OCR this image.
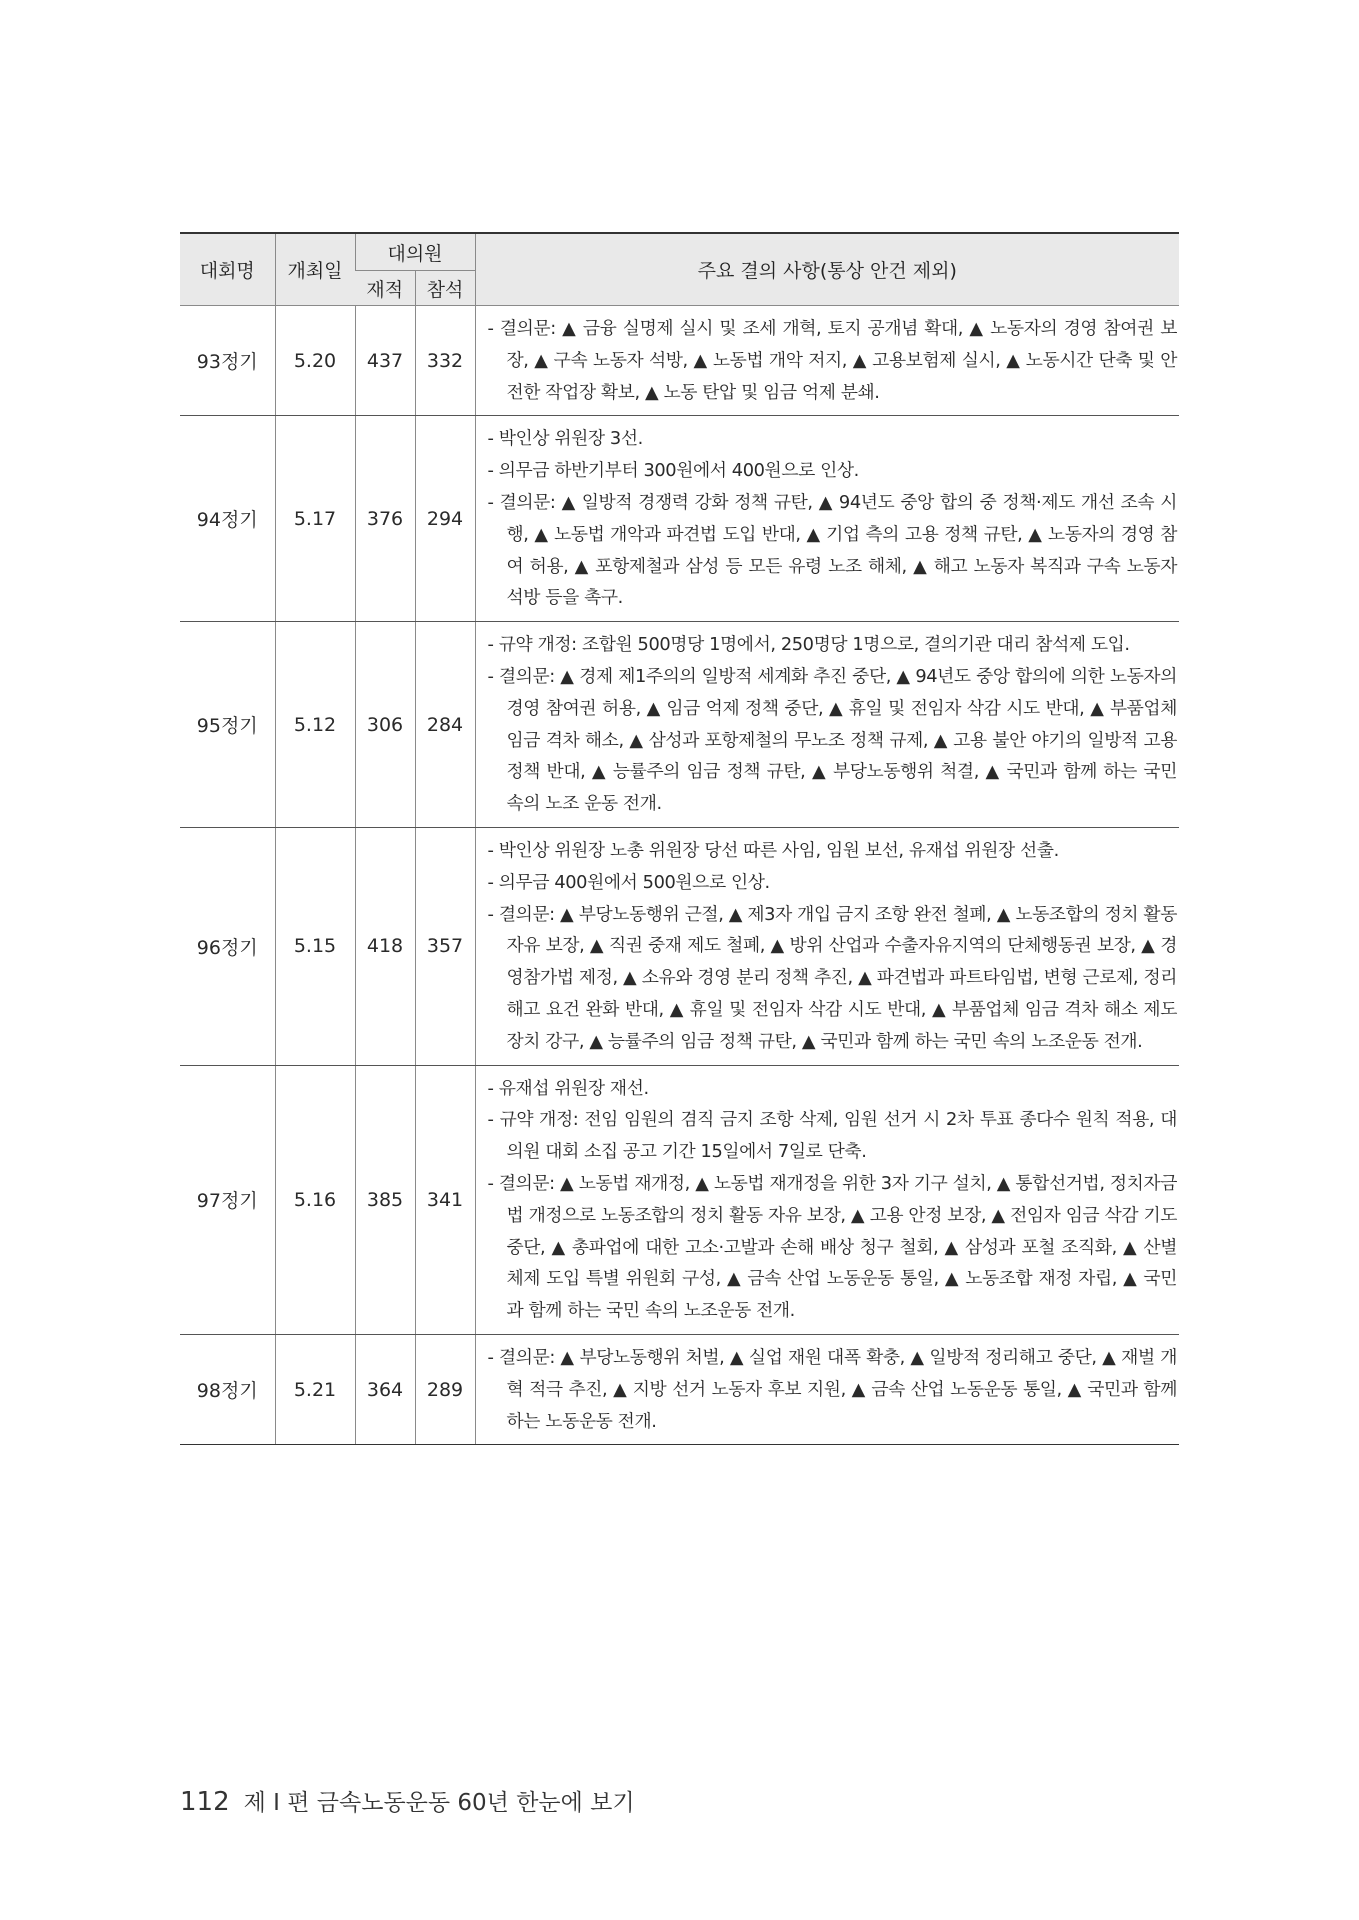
대회명	개최일	대의원		주요 결의 사항(통상 안건 제외)
		재적	참석	
93정기	5.20	437	332	- 결의문: ▲ 금융 실명제 실시 및 조세 개혁, 토지 공개념 확대, ▲ 노동자의 경영 참여권 보장, ▲ 구속 노동자 석방, ▲ 노동법 개악 저지, ▲ 고용보험제 실시, ▲ 노동시간 단축 및 안전한 작업장 확보, ▲ 노동 탄압 및 임금 억제 분쇄.

94정기	5.17	376	294	- 박인상 위원장 3선.
- 의무금 하반기부터 300원에서 400원으로 인상.
- 결의문: ▲ 일방적 경쟁력 강화 정책 규탄, ▲ 94년도 중앙 합의 중 정책·제도 개선 조속 시행, ▲ 노동법 개악과 파견법 도입 반대, ▲ 기업 측의 고용 정책 규탄, ▲ 노동자의 경영 참여 허용, ▲ 포항제철과 삼성 등 모든 유령 노조 해체, ▲ 해고 노동자 복직과 구속 노동자 석방 등을 촉구.

95정기	5.12	306	284	- 규약 개정: 조합원 500명당 1명에서, 250명당 1명으로, 결의기관 대리 참석제 도입.
- 결의문: ▲ 경제 제1주의의 일방적 세계화 추진 중단, ▲ 94년도 중앙 합의에 의한 노동자의 경영 참여권 허용, ▲ 임금 억제 정책 중단, ▲ 휴일 및 전임자 삭감 시도 반대, ▲ 부품업체 임금 격차 해소, ▲ 삼성과 포항제철의 무노조 정책 규제, ▲ 고용 불안 야기의 일방적 고용 정책 반대, ▲ 능률주의 임금 정책 규탄, ▲ 부당노동행위 척결, ▲ 국민과 함께 하는 국민 속의 노조 운동 전개.

96정기	5.15	418	357	- 박인상 위원장 노총 위원장 당선 따른 사임, 임원 보선, 유재섭 위원장 선출.
- 의무금 400원에서 500원으로 인상.
- 결의문: ▲ 부당노동행위 근절, ▲ 제3자 개입 금지 조항 완전 철폐, ▲ 노동조합의 정치 활동 자유 보장, ▲ 직권 중재 제도 철폐, ▲ 방위 산업과 수출자유지역의 단체행동권 보장, ▲ 경영참가법 제정, ▲ 소유와 경영 분리 정책 추진, ▲ 파견법과 파트타임법, 변형 근로제, 정리해고 요건 완화 반대, ▲ 휴일 및 전임자 삭감 시도 반대, ▲ 부품업체 임금 격차 해소 제도 장치 강구, ▲ 능률주의 임금 정책 규탄, ▲ 국민과 함께 하는 국민 속의 노조운동 전개.

97정기	5.16	385	341	- 유재섭 위원장 재선.
- 규약 개정: 전임 임원의 겸직 금지 조항 삭제, 임원 선거 시 2차 투표 종다수 원칙 적용, 대의원 대회 소집 공고 기간 15일에서 7일로 단축.
- 결의문: ▲ 노동법 재개정, ▲ 노동법 재개정을 위한 3자 기구 설치, ▲ 통합선거법, 정치자금법 개정으로 노동조합의 정치 활동 자유 보장, ▲ 고용 안정 보장, ▲ 전임자 임금 삭감 기도 중단, ▲ 총파업에 대한 고소·고발과 손해 배상 청구 철회, ▲ 삼성과 포철 조직화, ▲ 산별 체제 도입 특별 위원회 구성, ▲ 금속 산업 노동운동 통일, ▲ 노동조합 재정 자립, ▲ 국민과 함께 하는 국민 속의 노조운동 전개.

98정기	5.21	364	289	- 결의문: ▲ 부당노동행위 처벌, ▲ 실업 재원 대폭 확충, ▲ 일방적 정리해고 중단, ▲ 재벌 개혁 적극 추진, ▲ 지방 선거 노동자 후보 지원, ▲ 금속 산업 노동운동 통일, ▲ 국민과 함께 하는 노동운동 전개.
112 제 I 편 금속노동운동 60년 한눈에 보기
